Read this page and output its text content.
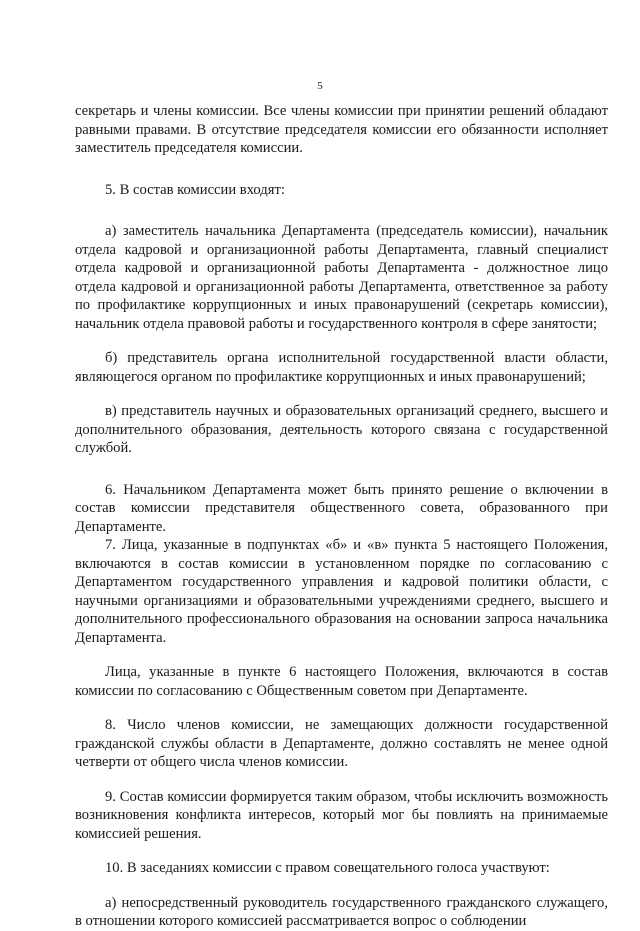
5

секретарь и члены комиссии. Все члены комиссии при принятии решений обладают равными правами. В отсутствие председателя комиссии его обязанности исполняет заместитель председателя комиссии.

5. В состав комиссии входят:

а) заместитель начальника Департамента (председатель комиссии), начальник отдела кадровой и организационной работы Департамента, главный специалист отдела кадровой и организационной работы Департамента - должностное лицо отдела кадровой и организационной работы Департамента, ответственное за работу по профилактике коррупционных и иных правонарушений (секретарь комиссии), начальник отдела правовой работы и государственного контроля в сфере занятости;

б) представитель органа исполнительной государственной власти области, являющегося органом по профилактике коррупционных и иных правонарушений;

в) представитель научных и образовательных организаций среднего, высшего и дополнительного образования, деятельность которого связана с государственной службой.

6. Начальником Департамента может быть принято решение о включении в состав комиссии представителя общественного совета, образованного при Департаменте.

7. Лица, указанные в подпунктах «б» и «в» пункта 5 настоящего Положения, включаются в состав комиссии в установленном порядке по согласованию с Департаментом государственного управления и кадровой политики области, с научными организациями и образовательными учреждениями среднего, высшего и дополнительного профессионального образования на основании запроса начальника Департамента.

Лица, указанные в пункте 6 настоящего Положения, включаются в состав комиссии по согласованию с Общественным советом при Департаменте.

8. Число членов комиссии, не замещающих должности государственной гражданской службы области в Департаменте, должно составлять не менее одной четверти от общего числа членов комиссии.

9. Состав комиссии формируется таким образом, чтобы исключить возможность возникновения конфликта интересов, который мог бы повлиять на принимаемые комиссией решения.

10. В заседаниях комиссии с правом совещательного голоса участвуют:

а) непосредственный руководитель государственного гражданского служащего, в отношении которого комиссией рассматривается вопрос о соблюдении
